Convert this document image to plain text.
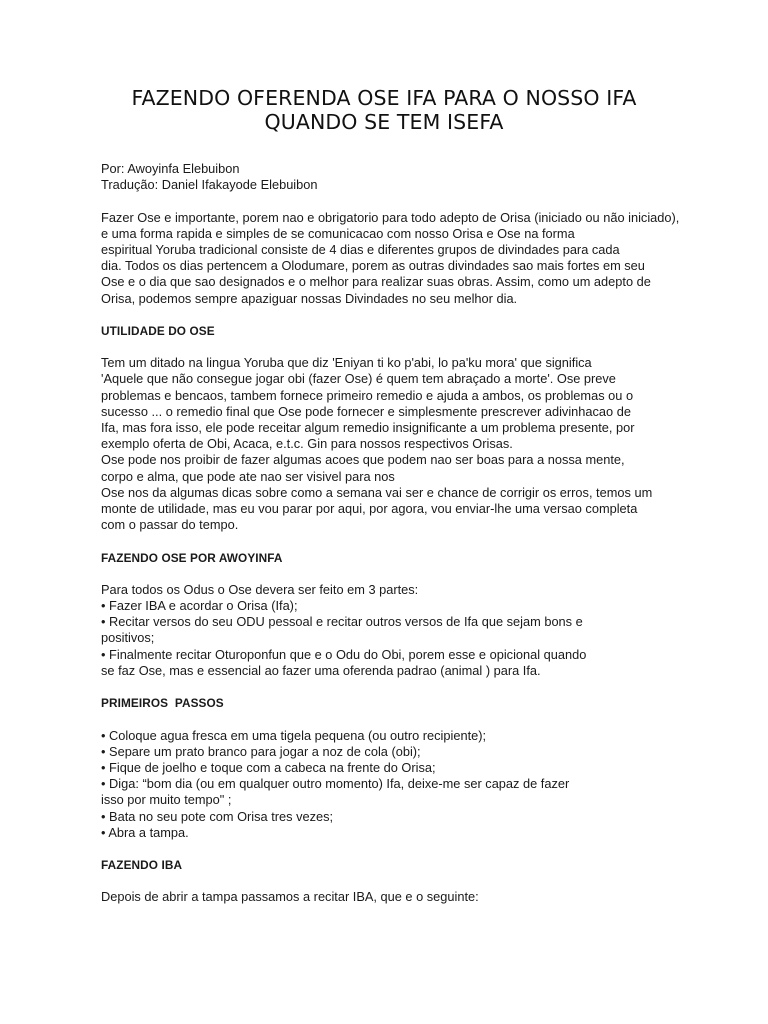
FAZENDO OFERENDA OSE IFA PARA O NOSSO IFA
QUANDO SE TEM ISEFA
Por: Awoyinfa Elebuibon
Tradução: Daniel Ifakayode Elebuibon
Fazer Ose e importante, porem nao e obrigatorio para todo adepto de Orisa (iniciado ou não iniciado),
e uma forma rapida e simples de se comunicacao com nosso Orisa e Ose na forma
espiritual Yoruba tradicional consiste de 4 dias e diferentes grupos de divindades para cada
dia. Todos os dias pertencem a Olodumare, porem as outras divindades sao mais fortes em seu
Ose e o dia que sao designados e o melhor para realizar suas obras. Assim, como um adepto de
Orisa, podemos sempre apaziguar nossas Divindades no seu melhor dia.
UTILIDADE DO OSE
Tem um ditado na lingua Yoruba que diz 'Eniyan ti ko p'abi, lo pa'ku mora' que significa
'Aquele que não consegue jogar obi (fazer Ose) é quem tem abraçado a morte'. Ose preve
problemas e bencaos, tambem fornece primeiro remedio e ajuda a ambos, os problemas ou o
sucesso ... o remedio final que Ose pode fornecer e simplesmente prescrever adivinhacao de
Ifa, mas fora isso, ele pode receitar algum remedio insignificante a um problema presente, por
exemplo oferta de Obi, Acaca, e.t.c. Gin para nossos respectivos Orisas.
Ose pode nos proibir de fazer algumas acoes que podem nao ser boas para a nossa mente,
corpo e alma, que pode ate nao ser visivel para nos
Ose nos da algumas dicas sobre como a semana vai ser e chance de corrigir os erros, temos um
monte de utilidade, mas eu vou parar por aqui, por agora, vou enviar-lhe uma versao completa
com o passar do tempo.
FAZENDO OSE POR AWOYINFA
Para todos os Odus o Ose devera ser feito em 3 partes:
• Fazer IBA e acordar o Orisa (Ifa);
• Recitar versos do seu ODU pessoal e recitar outros versos de Ifa que sejam bons e
positivos;
• Finalmente recitar Oturoponfun que e o Odu do Obi, porem esse e opicional quando
se faz Ose, mas e essencial ao fazer uma oferenda padrao (animal ) para Ifa.
PRIMEIROS  PASSOS
• Coloque agua fresca em uma tigela pequena (ou outro recipiente);
• Separe um prato branco para jogar a noz de cola (obi);
• Fique de joelho e toque com a cabeca na frente do Orisa;
• Diga: “bom dia (ou em qualquer outro momento) Ifa, deixe-me ser capaz de fazer
isso por muito tempo" ;
• Bata no seu pote com Orisa tres vezes;
• Abra a tampa.
FAZENDO IBA
Depois de abrir a tampa passamos a recitar IBA, que e o seguinte:
